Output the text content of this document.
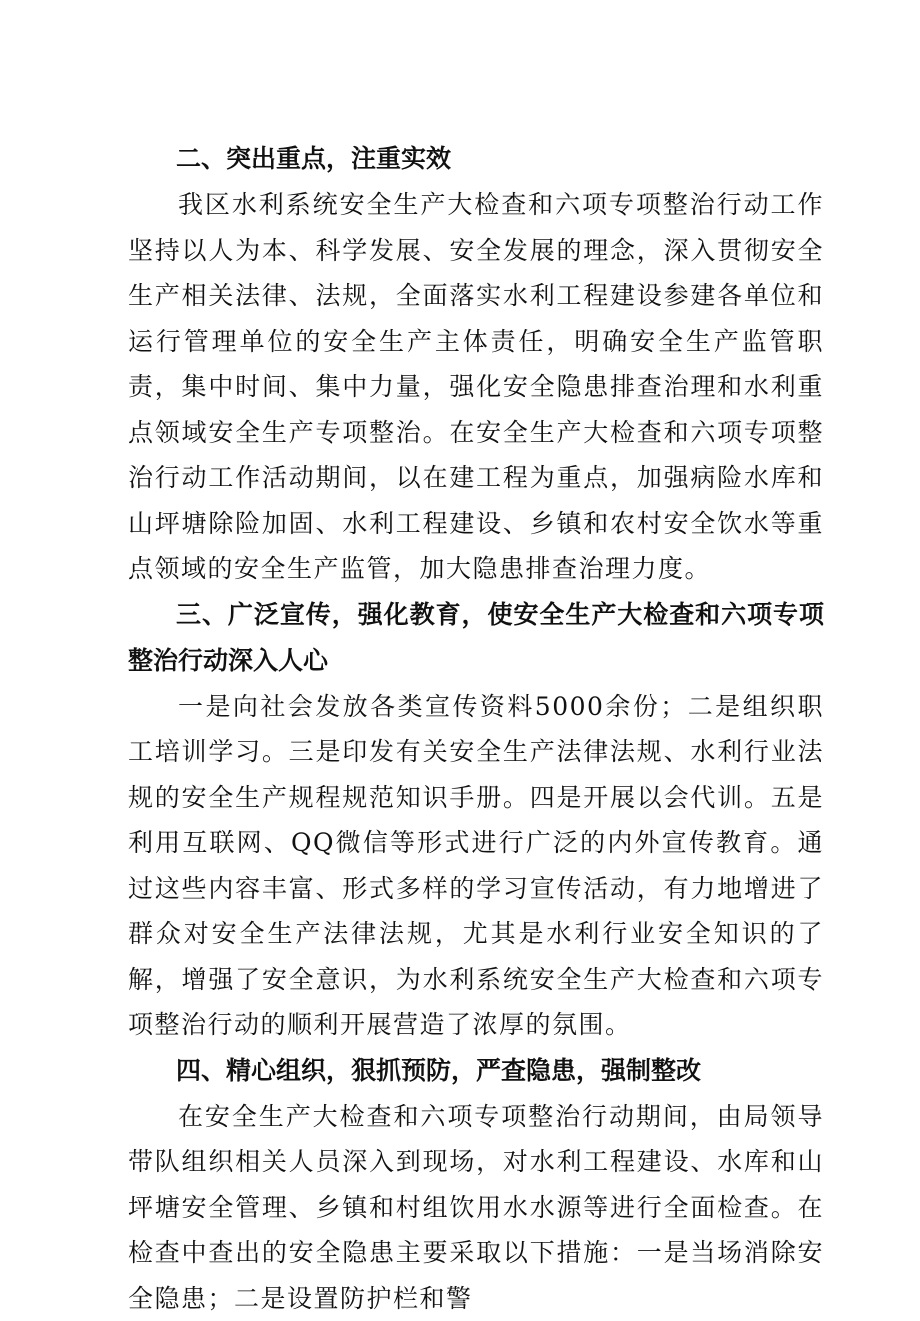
二、突出重点，注重实效

我区水利系统安全生产大检查和六项专项整治行动工作坚持以人为本、科学发展、安全发展的理念，深入贯彻安全生产相关法律、法规，全面落实水利工程建设参建各单位和运行管理单位的安全生产主体责任，明确安全生产监管职责，集中时间、集中力量，强化安全隐患排查治理和水利重点领域安全生产专项整治。在安全生产大检查和六项专项整治行动工作活动期间，以在建工程为重点，加强病险水库和山坪塘除险加固、水利工程建设、乡镇和农村安全饮水等重点领域的安全生产监管，加大隐患排查治理力度。

三、广泛宣传，强化教育，使安全生产大检查和六项专项整治行动深入人心

一是向社会发放各类宣传资料5000余份；二是组织职工培训学习。三是印发有关安全生产法律法规、水利行业法规的安全生产规程规范知识手册。四是开展以会代训。五是利用互联网、QQ微信等形式进行广泛的内外宣传教育。通过这些内容丰富、形式多样的学习宣传活动，有力地增进了群众对安全生产法律法规，尤其是水利行业安全知识的了解，增强了安全意识，为水利系统安全生产大检查和六项专项整治行动的顺利开展营造了浓厚的氛围。

四、精心组织，狠抓预防，严查隐患，强制整改

在安全生产大检查和六项专项整治行动期间，由局领导带队组织相关人员深入到现场，对水利工程建设、水库和山坪塘安全管理、乡镇和村组饮用水水源等进行全面检查。在检查中查出的安全隐患主要采取以下措施：一是当场消除安全隐患；二是设置防护栏和警
